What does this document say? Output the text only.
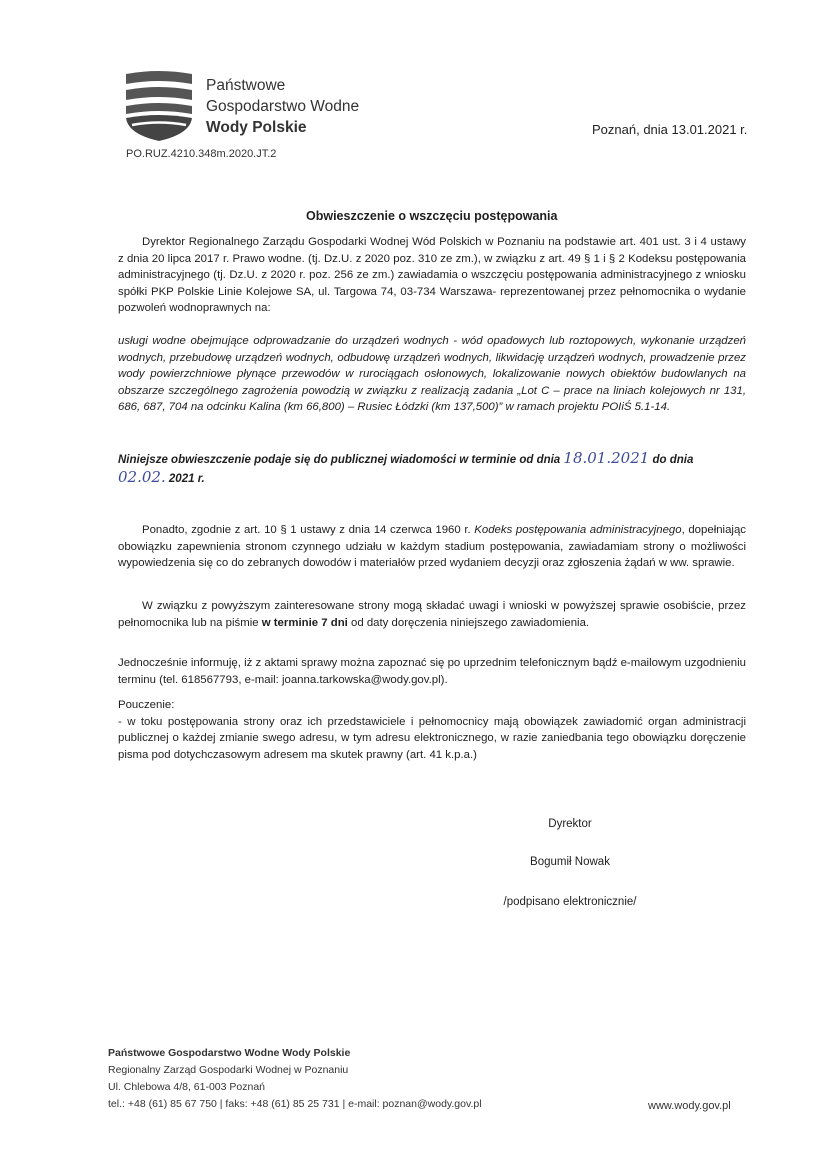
Państwowe
Gospodarstwo Wodne
Wody Polskie
PO.RUZ.4210.348m.2020.JT.2
Poznań, dnia 13.01.2021 r.
Obwieszczenie o wszczęciu postępowania
Dyrektor Regionalnego Zarządu Gospodarki Wodnej Wód Polskich w Poznaniu na podstawie art. 401 ust. 3 i 4 ustawy z dnia 20 lipca 2017 r. Prawo wodne. (tj. Dz.U. z 2020 poz. 310 ze zm.), w związku z art. 49 § 1 i § 2 Kodeksu postępowania administracyjnego (tj. Dz.U. z 2020 r. poz. 256 ze zm.) zawiadamia o wszczęciu postępowania administracyjnego z wniosku spółki PKP Polskie Linie Kolejowe SA, ul. Targowa 74, 03-734 Warszawa- reprezentowanej przez pełnomocnika o wydanie pozwoleń wodnoprawnych na:
usługi wodne obejmujące odprowadzanie do urządzeń wodnych - wód opadowych lub roztopowych, wykonanie urządzeń wodnych, przebudowę urządzeń wodnych, odbudowę urządzeń wodnych, likwidację urządzeń wodnych, prowadzenie przez wody powierzchniowe płynące przewodów w rurociągach osłonowych, lokalizowanie nowych obiektów budowlanych na obszarze szczególnego zagrożenia powodzią w związku z realizacją zadania „Lot C – prace na liniach kolejowych nr 131, 686, 687, 704 na odcinku Kalina (km 66,800) – Rusiec Łódzki (km 137,500)” w ramach projektu POIiŚ 5.1-14.
Niniejsze obwieszczenie podaje się do publicznej wiadomości w terminie od dnia 18.01.2021 do dnia
02.02. 2021 r.
Ponadto, zgodnie z art. 10 § 1 ustawy z dnia 14 czerwca 1960 r. Kodeks postępowania administracyjnego, dopełniając obowiązku zapewnienia stronom czynnego udziału w każdym stadium postępowania, zawiadamiam strony o możliwości wypowiedzenia się co do zebranych dowodów i materiałów przed wydaniem decyzji oraz zgłoszenia żądań w ww. sprawie.
W związku z powyższym zainteresowane strony mogą składać uwagi i wnioski w powyższej sprawie osobiście, przez pełnomocnika lub na piśmie w terminie 7 dni od daty doręczenia niniejszego zawiadomienia.
Jednocześnie informuję, iż z aktami sprawy można zapoznać się po uprzednim telefonicznym bądź e-mailowym uzgodnieniu terminu (tel. 618567793, e-mail: joanna.tarkowska@wody.gov.pl).
Pouczenie:
- w toku postępowania strony oraz ich przedstawiciele i pełnomocnicy mają obowiązek zawiadomić organ administracji publicznej o każdej zmianie swego adresu, w tym adresu elektronicznego, w razie zaniedbania tego obowiązku doręczenie pisma pod dotychczasowym adresem ma skutek prawny (art. 41 k.p.a.)
Dyrektor
Bogumił Nowak
/podpisano elektronicznie/
Państwowe Gospodarstwo Wodne Wody Polskie
Regionalny Zarząd Gospodarki Wodnej w Poznaniu
Ul. Chlebowa 4/8, 61-003 Poznań
tel.: +48 (61) 85 67 750 | faks: +48 (61) 85 25 731 | e-mail: poznan@wody.gov.pl	www.wody.gov.pl
